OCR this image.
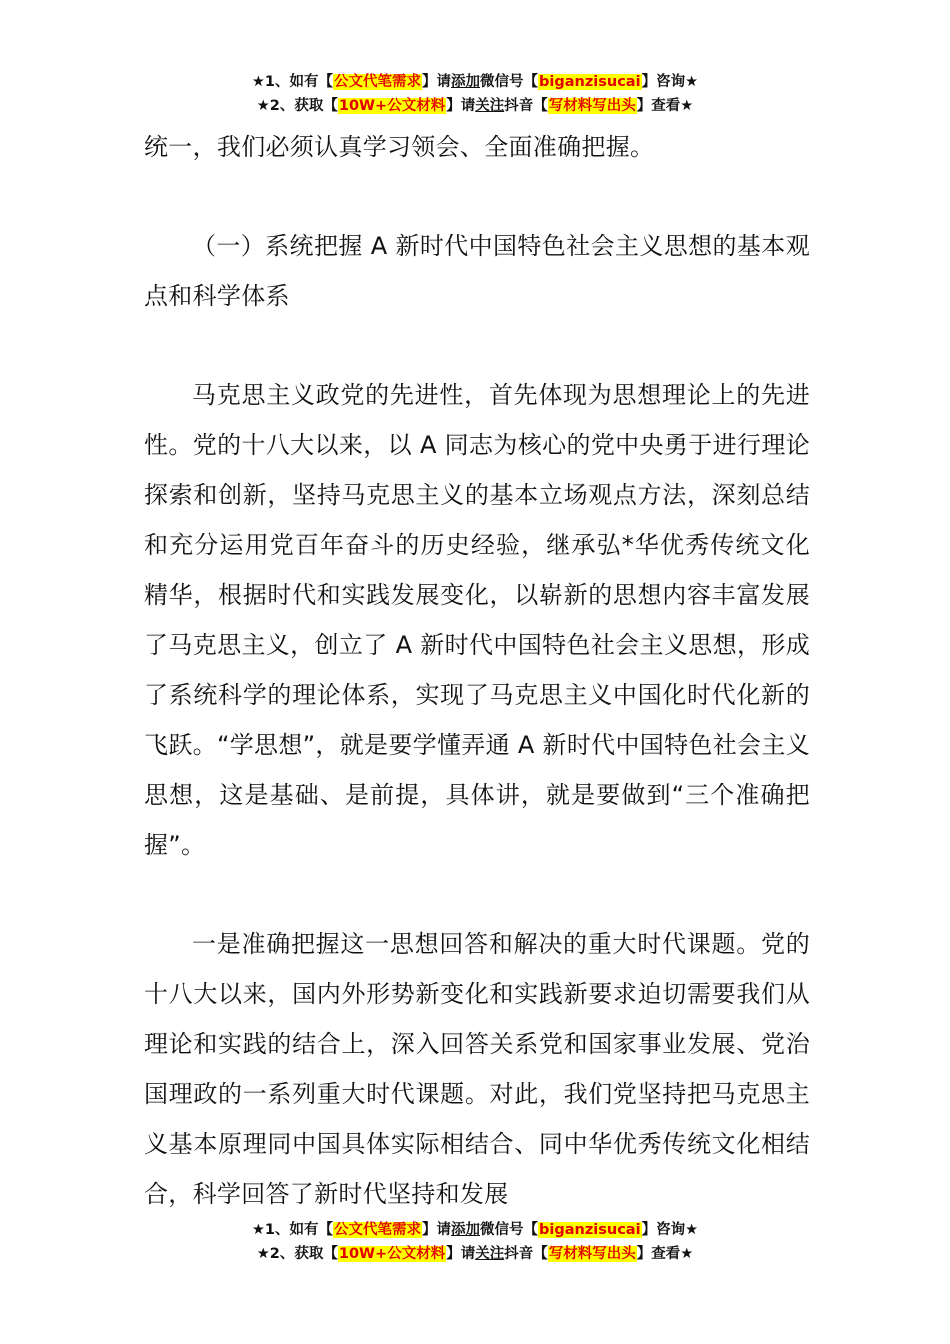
★1、如有【公文代笔需求】请添加微信号【biganzisucai】咨询★
★2、获取【10W+公文材料】请关注抖音【写材料写出头】查看★

统一，我们必须认真学习领会、全面准确把握。

（一）系统把握 A 新时代中国特色社会主义思想的基本观点和科学体系

马克思主义政党的先进性，首先体现为思想理论上的先进性。党的十八大以来，以 A 同志为核心的党中央勇于进行理论探索和创新，坚持马克思主义的基本立场观点方法，深刻总结和充分运用党百年奋斗的历史经验，继承弘*华优秀传统文化精华，根据时代和实践发展变化，以崭新的思想内容丰富发展了马克思主义，创立了 A 新时代中国特色社会主义思想，形成了系统科学的理论体系，实现了马克思主义中国化时代化新的飞跃。“学思想”，就是要学懂弄通 A 新时代中国特色社会主义思想，这是基础、是前提，具体讲，就是要做到“三个准确把握”。

一是准确把握这一思想回答和解决的重大时代课题。党的十八大以来，国内外形势新变化和实践新要求迫切需要我们从理论和实践的结合上，深入回答关系党和国家事业发展、党治国理政的一系列重大时代课题。对此，我们党坚持把马克思主义基本原理同中国具体实际相结合、同中华优秀传统文化相结合，科学回答了新时代坚持和发展

★1、如有【公文代笔需求】请添加微信号【biganzisucai】咨询★
★2、获取【10W+公文材料】请关注抖音【写材料写出头】查看★
